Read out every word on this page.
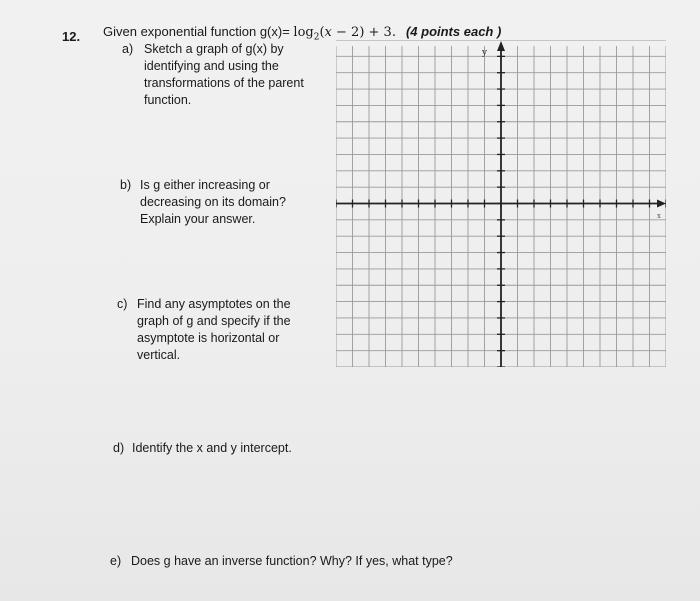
12. Given exponential function $g(x)= \log_2(x - 2) + 3$. (4 points each )
a) Sketch a graph of g(x) by identifying and using the transformations of the parent function.
b) Is g either increasing or decreasing on its domain? Explain your answer.
c) Find any asymptotes on the graph of g and specify if the asymptote is horizontal or vertical.
d) Identify the x and y intercept.
e) Does g have an inverse function? Why? If yes, what type?
y
x
